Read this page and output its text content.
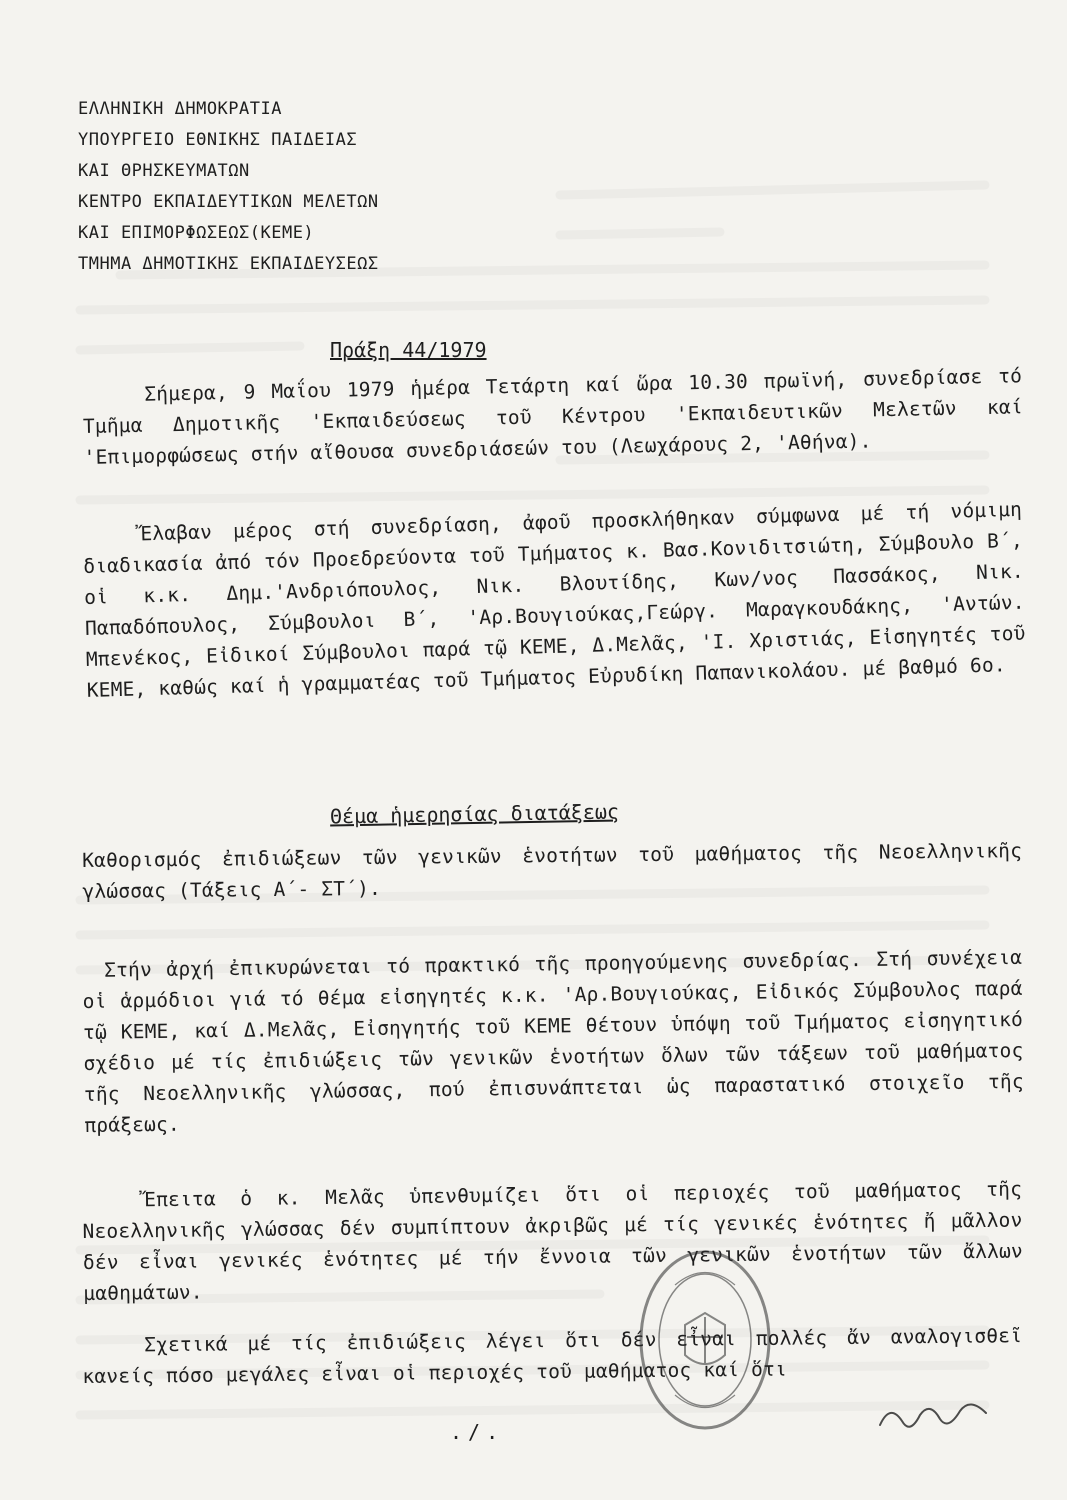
ΕΛΛΗΝΙΚΗ ΔΗΜΟΚΡΑΤΙΑ
ΥΠΟΥΡΓΕΙΟ ΕΘΝΙΚΗΣ ΠΑΙΔΕΙΑΣ
ΚΑΙ ΘΡΗΣΚΕΥΜΑΤΩΝ
ΚΕΝΤΡΟ ΕΚΠΑΙΔΕΥΤΙΚΩΝ ΜΕΛΕΤΩΝ
ΚΑΙ ΕΠΙΜΟΡΦΩΣΕΩΣ(ΚΕΜΕ)
ΤΜΗΜΑ ΔΗΜΟΤΙΚΗΣ ΕΚΠΑΙΔΕΥΣΕΩΣ
Πράξη 44/1979
Σήμερα, 9 Μαΐου 1979 ἡμέρα Τετάρτη καί ὥρα 10.30 πρωϊνή, συνεδρίασε τό Τμῆμα Δημοτικῆς 'Εκπαιδεύσεως τοῦ Κέντρου 'Εκπαιδευτικῶν Μελετῶν καί 'Επιμορφώσεως στήν αἴθουσα συνεδριάσεών του (Λεωχάρους 2, 'Αθήνα).
Ἔλαβαν μέρος στή συνεδρίαση, ἀφοῦ προσκλήθηκαν σύμφωνα μέ τή νόμιμη διαδικασία ἀπό τόν Προεδρεύοντα τοῦ Τμήματος κ. Βασ.Κονιδιτσιώτη, Σύμβουλο Β΄, οἱ κ.κ. Δημ.'Ανδριόπουλος, Νικ. Βλουτίδης, Κων/νος Πασσάκος, Νικ. Παπαδόπουλος, Σύμβουλοι Β΄, 'Αρ.Βουγιούκας,Γεώργ. Μαραγκουδάκης, 'Αντών. Μπενέκος, Εἰδικοί Σύμβουλοι παρά τῷ ΚΕΜΕ, Δ.Μελᾶς, 'Ι. Χριστιάς, Εἰσηγητές τοῦ ΚΕΜΕ, καθώς καί ἡ γραμματέας τοῦ Τμήματος Εὐρυδίκη Παπανικολάου. μέ βαθμό 6ο.
Θέμα ἡμερησίας διατάξεως
Καθορισμός ἐπιδιώξεων τῶν γενικῶν ἑνοτήτων τοῦ μαθήματος τῆς Νεοελληνικῆς γλώσσας (Τάξεις Α΄- ΣΤ΄).
Στήν ἀρχή ἐπικυρώνεται τό πρακτικό τῆς προηγούμενης συνεδρίας. Στή συνέχεια οἱ ἁρμόδιοι γιά τό θέμα εἰσηγητές κ.κ. 'Αρ.Βουγιούκας, Εἰδικός Σύμβουλος παρά τῷ ΚΕΜΕ, καί Δ.Μελᾶς, Εἰσηγητής τοῦ ΚΕΜΕ θέτουν ὑπόψη τοῦ Τμήματος εἰσηγητικό σχέδιο μέ τίς ἐπιδιώξεις τῶν γενικῶν ἑνοτήτων ὅλων τῶν τάξεων τοῦ μαθήματος τῆς Νεοελληνικῆς γλώσσας, πού ἐπισυνάπτεται ὡς παραστατικό στοιχεῖο τῆς πράξεως.
Ἔπειτα ὁ κ. Μελᾶς ὑπενθυμίζει ὅτι οἱ περιοχές τοῦ μαθήματος τῆς Νεοελληνικῆς γλώσσας δέν συμπίπτουν ἀκριβῶς μέ τίς γενικές ἑνότητες ἤ μᾶλλον δέν εἶναι γενικές ἑνότητες μέ τήν ἔννοια τῶν γενικῶν ἑνοτήτων τῶν ἄλλων μαθημάτων.
Σχετικά μέ τίς ἐπιδιώξεις λέγει ὅτι δέν εἶναι πολλές ἄν αναλογισθεῖ κανείς πόσο μεγάλες εἶναι οἱ περιοχές τοῦ μαθήματος καί ὅτι
./.
